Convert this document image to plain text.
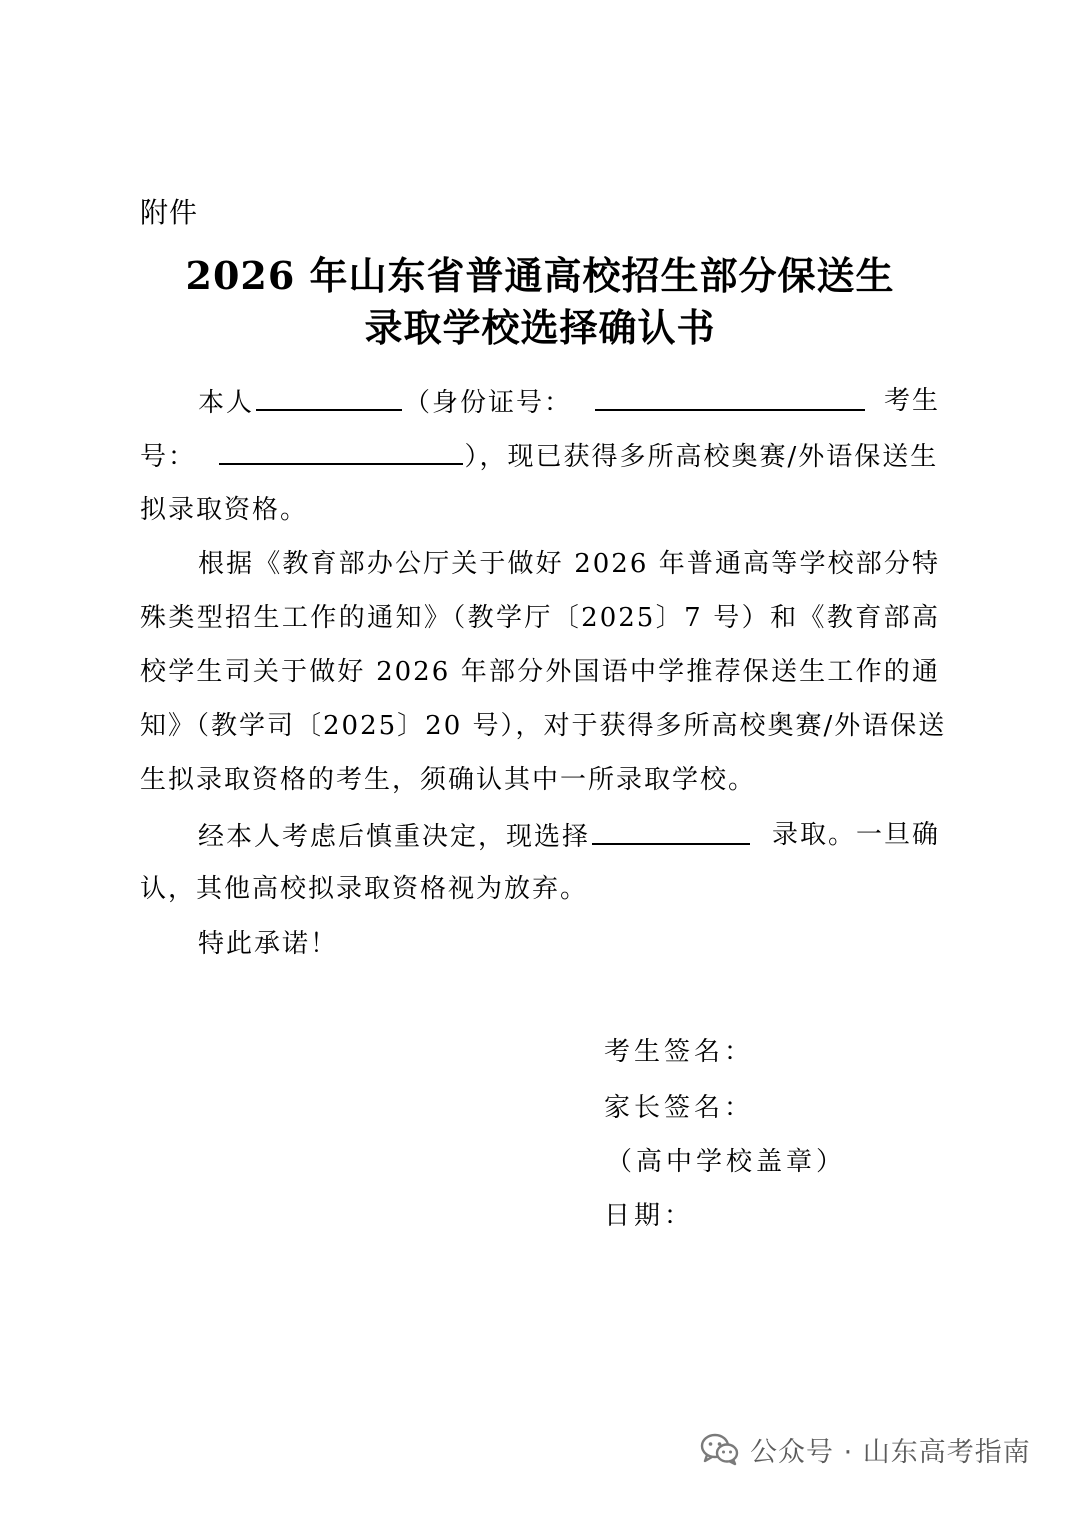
附件
2026 年山东省普通高校招生部分保送生
录取学校选择确认书
本人	（身份证号：	考生
号：	），现已获得多所高校奥赛/外语保送生
拟录取资格。
根据《教育部办公厅关于做好 2026 年普通高等学校部分特
殊类型招生工作的通知》（教学厅〔2025〕7 号）和《教育部高
校学生司关于做好 2026 年部分外国语中学推荐保送生工作的通
知》（教学司〔2025〕20 号），对于获得多所高校奥赛/外语保送
生拟录取资格的考生，须确认其中一所录取学校。
经本人考虑后慎重决定，现选择	录取。一旦确
认，其他高校拟录取资格视为放弃。
特此承诺！
考生签名：
家长签名：
（高中学校盖章）
日期：
公众号 · 山东高考指南
